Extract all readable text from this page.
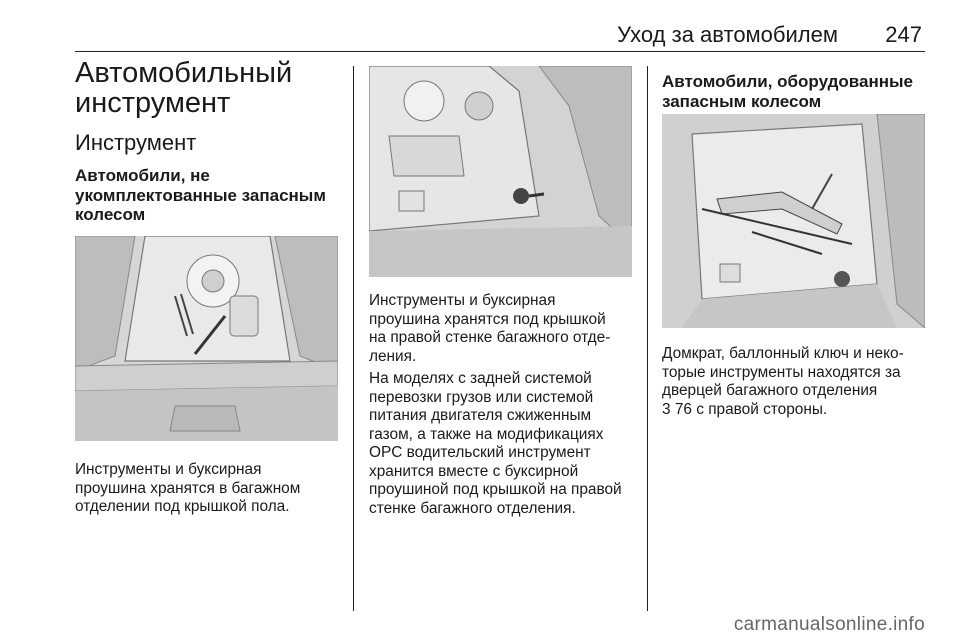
Уход за автомобилем 247
Автомобильный
инструмент
Инструмент
Автомобили, не
укомплектованные запасным
колесом
Инструменты и буксирная
проушина хранятся в багажном
отделении под крышкой пола.
Инструменты и буксирная
проушина хранятся под крышкой
на правой стенке багажного отде-
ления.
На моделях с задней системой
перевозки грузов или системой
питания двигателя сжиженным
газом, а также на модификациях
OPC водительский инструмент
хранится вместе с буксирной
проушиной под крышкой на правой
стенке багажного отделения.
Автомобили, оборудованные
запасным колесом
Домкрат, баллонный ключ и неко-
торые инструменты находятся за
дверцей багажного отделения
3 76 с правой стороны.
carmanualsonline.info
